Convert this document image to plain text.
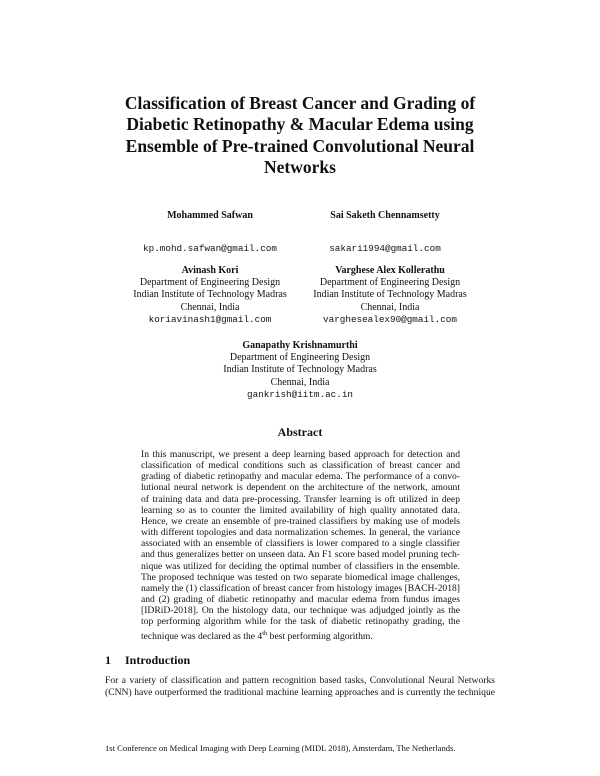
Classification of Breast Cancer and Grading of
Diabetic Retinopathy & Macular Edema using
Ensemble of Pre-trained Convolutional Neural
Networks
Mohammed Safwan
kp.mohd.safwan@gmail.com
Sai Saketh Chennamsetty
sakari1994@gmail.com
Avinash Kori
Department of Engineering Design
Indian Institute of Technology Madras
Chennai, India
koriavinash1@gmail.com
Varghese Alex Kollerathu
Department of Engineering Design
Indian Institute of Technology Madras
Chennai, India
varghesealex90@gmail.com
Ganapathy Krishnamurthi
Department of Engineering Design
Indian Institute of Technology Madras
Chennai, India
gankrish@iitm.ac.in
Abstract
In this manuscript, we present a deep learning based approach for detection and
classification of medical conditions such as classification of breast cancer and
grading of diabetic retinopathy and macular edema. The performance of a convo-
lutional neural network is dependent on the architecture of the network, amount
of training data and data pre-processing. Transfer learning is oft utilized in deep
learning so as to counter the limited availability of high quality annotated data.
Hence, we create an ensemble of pre-trained classifiers by making use of models
with different topologies and data normalization schemes. In general, the variance
associated with an ensemble of classifiers is lower compared to a single classifier
and thus generalizes better on unseen data. An F1 score based model pruning tech-
nique was utilized for deciding the optimal number of classifiers in the ensemble.
The proposed technique was tested on two separate biomedical image challenges,
namely the (1) classification of breast cancer from histology images [BACH-2018]
and (2) grading of diabetic retinopathy and macular edema from fundus images
[IDRiD-2018]. On the histology data, our technique was adjudged jointly as the
top performing algorithm while for the task of diabetic retinopathy grading, the
technique was declared as the 4th best performing algorithm.
1 Introduction
For a variety of classification and pattern recognition based tasks, Convolutional Neural Networks
(CNN) have outperformed the traditional machine learning approaches and is currently the technique
1st Conference on Medical Imaging with Deep Learning (MIDL 2018), Amsterdam, The Netherlands.
